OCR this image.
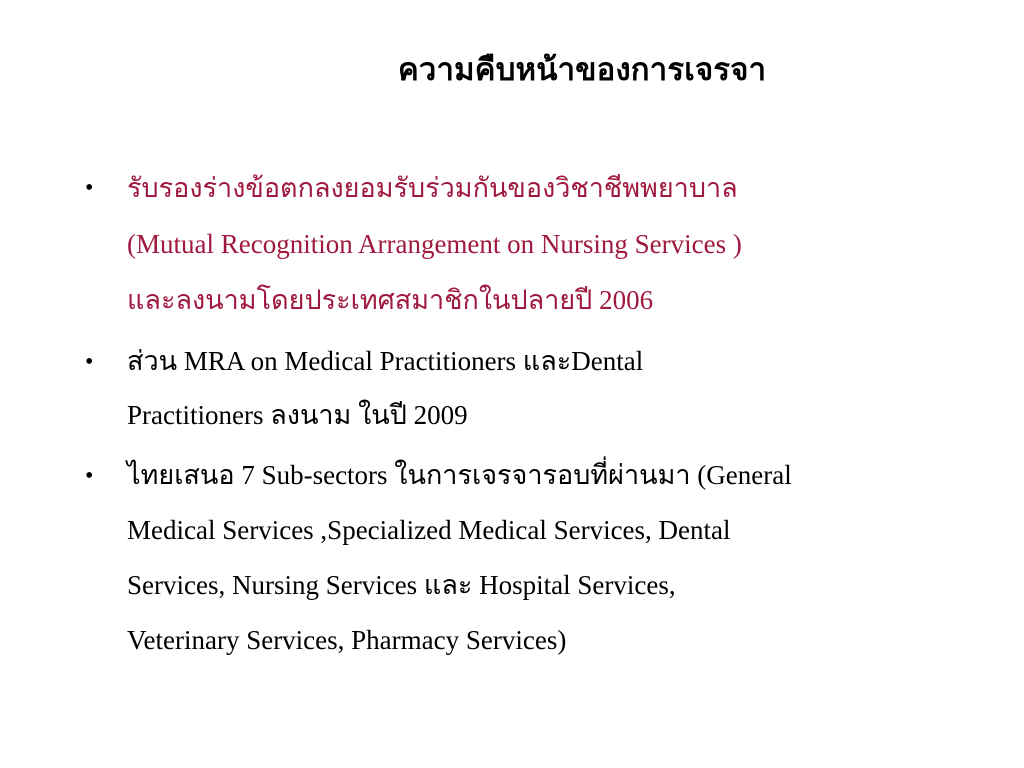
ความคืบหน้าของการเจรจา
• รับรองร่างข้อตกลงยอมรับร่วมกันของวิชาชีพพยาบาล
(Mutual Recognition Arrangement on Nursing Services )
และลงนามโดยประเทศสมาชิกในปลายปี 2006
• ส่วน MRA on Medical Practitioners และDental
Practitioners ลงนาม ในปี 2009
• ไทยเสนอ 7 Sub-sectors ในการเจรจารอบที่ผ่านมา (General
Medical Services ,Specialized Medical Services, Dental
Services, Nursing Services และ Hospital Services,
Veterinary Services, Pharmacy Services)
